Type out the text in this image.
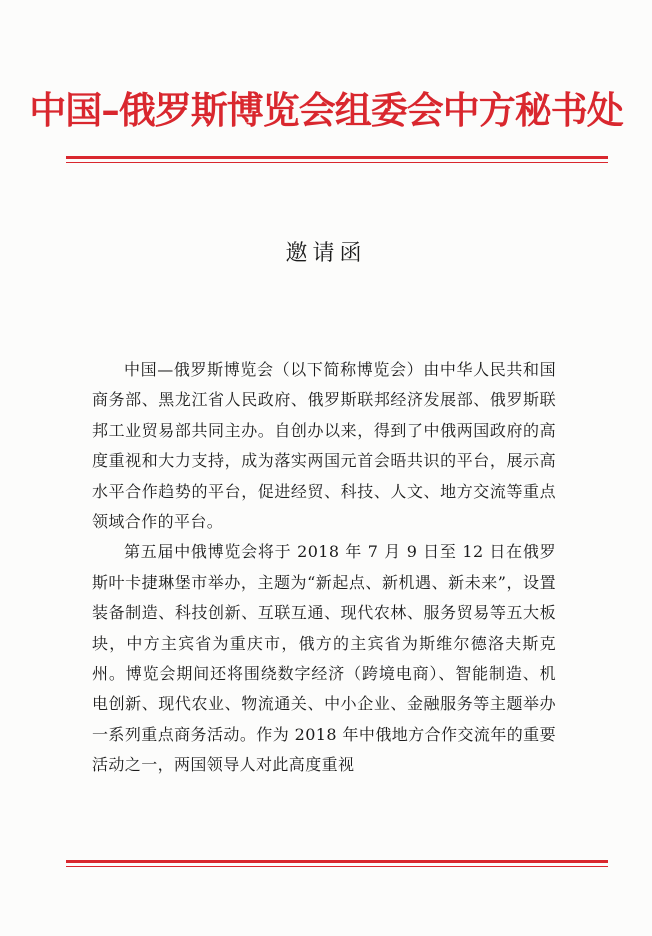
中国–俄罗斯博览会组委会中方秘书处
邀请函

中国—俄罗斯博览会（以下简称博览会）由中华人民共和国商务部、黑龙江省人民政府、俄罗斯联邦经济发展部、俄罗斯联邦工业贸易部共同主办。自创办以来，得到了中俄两国政府的高度重视和大力支持，成为落实两国元首会晤共识的平台，展示高水平合作趋势的平台，促进经贸、科技、人文、地方交流等重点领域合作的平台。

第五届中俄博览会将于 2018 年 7 月 9 日至 12 日在俄罗斯叶卡捷琳堡市举办，主题为“新起点、新机遇、新未来”，设置装备制造、科技创新、互联互通、现代农林、服务贸易等五大板块，中方主宾省为重庆市，俄方的主宾省为斯维尔德洛夫斯克州。博览会期间还将围绕数字经济（跨境电商）、智能制造、机电创新、现代农业、物流通关、中小企业、金融服务等主题举办一系列重点商务活动。作为 2018 年中俄地方合作交流年的重要活动之一，两国领导人对此高度重视
